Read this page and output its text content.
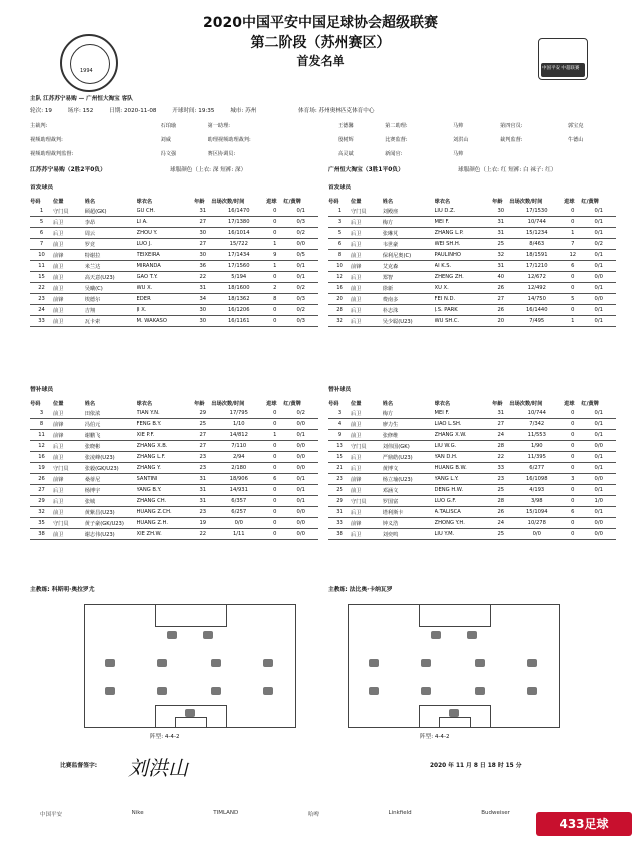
2020中国平安中国足球协会超级联赛
第二阶段（苏州赛区）
首发名单
1994	中国平安 中超联赛
主队 江苏苏宁易购 — 广州恒大淘宝 客队
轮次: 19	场序: 152	日期: 2020-11-08	开球时间: 19:35	城市: 苏州	体育场: 苏州奥林匹克体育中心
主裁判:	石珀瑜	第一助理:	王德馨	第二助理:	马帅	第四官员:	郭宝克
视频助理裁判:	刘威	助理视频助理裁判:	殷树辉	比赛监督:	刘洪山	裁判监督:	牛德山
视频助理裁判监督:	冯文强	赛区协调员:	高灵斌	新闻官:	马帅		
江苏苏宁易购（2胜2平0负）	球服颜色（上衣: 深 短裤: 深）	广州恒大淘宝（3胜1平0负）	球服颜色（上衣: 红 短裤: 白 袜子: 红）
首发球员	首发球员
号码	位置	姓名	球衣名	年龄	出场次数/时间	进球	红/黄牌
1	守门员	顾超(GK)	GU CH.	31	16/1470	0	0/1
5	后卫	李昂	LI A.	27	17/1380	0	0/3
6	后卫	周云	ZHOU Y.	30	16/1014	0	0/2
7	前卫	罗竞	LUO J.	27	15/722	1	0/0
10	前锋	特谢拉	TEIXEIRA	30	17/1434	9	0/5
11	前卫	米兰达	MIRANDA	36	17/1560	1	0/1
15	前卫	高天意(U23)	GAO T.Y.	22	5/194	0	0/1
22	前卫	吴曦(C)	WU X.	31	18/1600	2	0/2
23	前锋	埃德尔	EDER	34	18/1362	8	0/3
24	前卫	吉翔	JI X.	30	16/1206	0	0/2
33	前卫	瓦卡索	M. WAKASO	30	16/1161	0	0/3
号码	位置	姓名	球衣名	年龄	出场次数/时间	进球	红/黄牌
1	守门员	刘殿座	LIU D.Z.	30	17/1530	0	0/1
3	后卫	梅方	MEI F.	31	10/744	0	0/1
5	后卫	张琳芃	ZHANG L.P.	31	15/1234	1	0/1
6	后卫	韦世豪	WEI SH.H.	25	8/463	7	0/2
8	前卫	保利尼奥(C)	PAULINHO	32	18/1591	12	0/1
10	前锋	艾克森	AI K.S.	31	17/1210	6	0/1
12	后卫	郑智	ZHENG ZH.	40	12/672	0	0/0
16	前卫	徐新	XU X.	26	12/492	0	0/1
20	前卫	费南多	FEI N.D.	27	14/750	5	0/0
28	后卫	朴志洙	J.S. PARK	26	16/1440	0	0/1
32	后卫	吴少聪(U23)	WU SH.C.	20	7/495	1	0/1
替补球员	替补球员
号码	位置	姓名	球衣名	年龄	出场次数/时间	进球	红/黄牌
3	前卫	田依浓	TIAN Y.N.	29	17/795	0	0/2
8	前锋	冯伯元	FENG B.Y.	25	1/10	0	0/0
11	前锋	谢鹏飞	XIE P.F.	27	14/812	1	0/1
12	后卫	张晓彬	ZHANG X.B.	27	7/110	0	0/0
16	前卫	张凌峰(U23)	ZHANG L.F.	23	2/94	0	0/0
19	守门员	张毅(GK/U23)	ZHANG Y.	23	2/180	0	0/0
26	前锋	桑蒂尼	SANTINI	31	18/906	6	0/1
27	后卫	杨博宇	YANG B.Y.	31	14/931	0	0/1
29	后卫	张城	ZHANG CH.	31	6/357	0	0/1
32	前卫	黄紫昌(U23)	HUANG Z.CH.	23	6/257	0	0/0
35	守门员	黄子豪(GK/U23)	HUANG Z.H.	19	0/0	0	0/0
38	前卫	谢志伟(U23)	XIE ZH.W.	22	1/11	0	0/0
号码	位置	姓名	球衣名	年龄	出场次数/时间	进球	红/黄牌
3	后卫	梅方	MEI F.	31	10/744	0	0/1
4	前卫	廖力生	LIAO L.SH.	27	7/342	0	0/1
9	前卫	张修维	ZHANG X.W.	24	11/553	0	0/1
13	守门员	刘伟国(GK)	LIU W.G.	28	1/90	0	0/0
15	后卫	严鼎皓(U23)	YAN D.H.	22	11/395	0	0/1
21	后卫	黄博文	HUANG B.W.	33	6/277	0	0/1
23	前锋	杨立瑜(U23)	YANG L.Y.	23	16/1098	3	0/0
25	前卫	邓涵文	DENG H.W.	25	4/193	0	0/1
29	守门员	罗国富	LUO G.F.	28	3/98	0	1/0
31	后卫	塔利斯卡	A.TALISCA	26	15/1094	6	0/1
33	前锋	钟义浩	ZHONG Y.H.	24	10/278	0	0/0
38	后卫	刘奕鸣	LIU Y.M.	25	0/0	0	0/0
主教练: 科斯明·奥拉罗尤	主教练: 法比奥·卡纳瓦罗
阵型: 4-4-2	阵型: 4-4-2
比赛监督签字: 刘洪山	2020 年 11 月 8 日 18 时 15 分
中国平安	Nike	TIMLAND	哈啤	Linkfield	Budweiser
433足球
